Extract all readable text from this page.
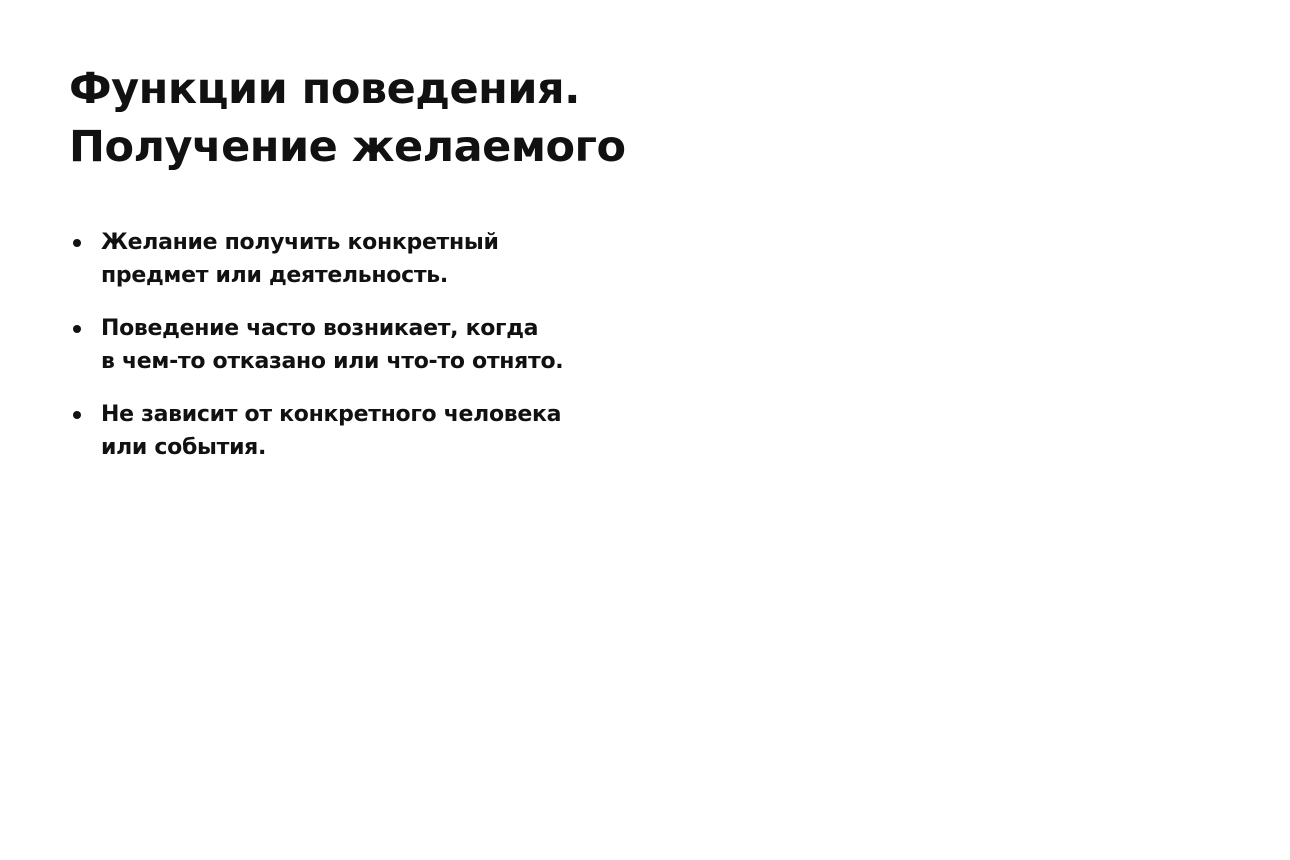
Функции поведения.
Получение желаемого
Желание получить конкретный
предмет или деятельность.
Поведение часто возникает, когда
в чем-то отказано или что-то отнято.
Не зависит от конкретного человека
или события.
